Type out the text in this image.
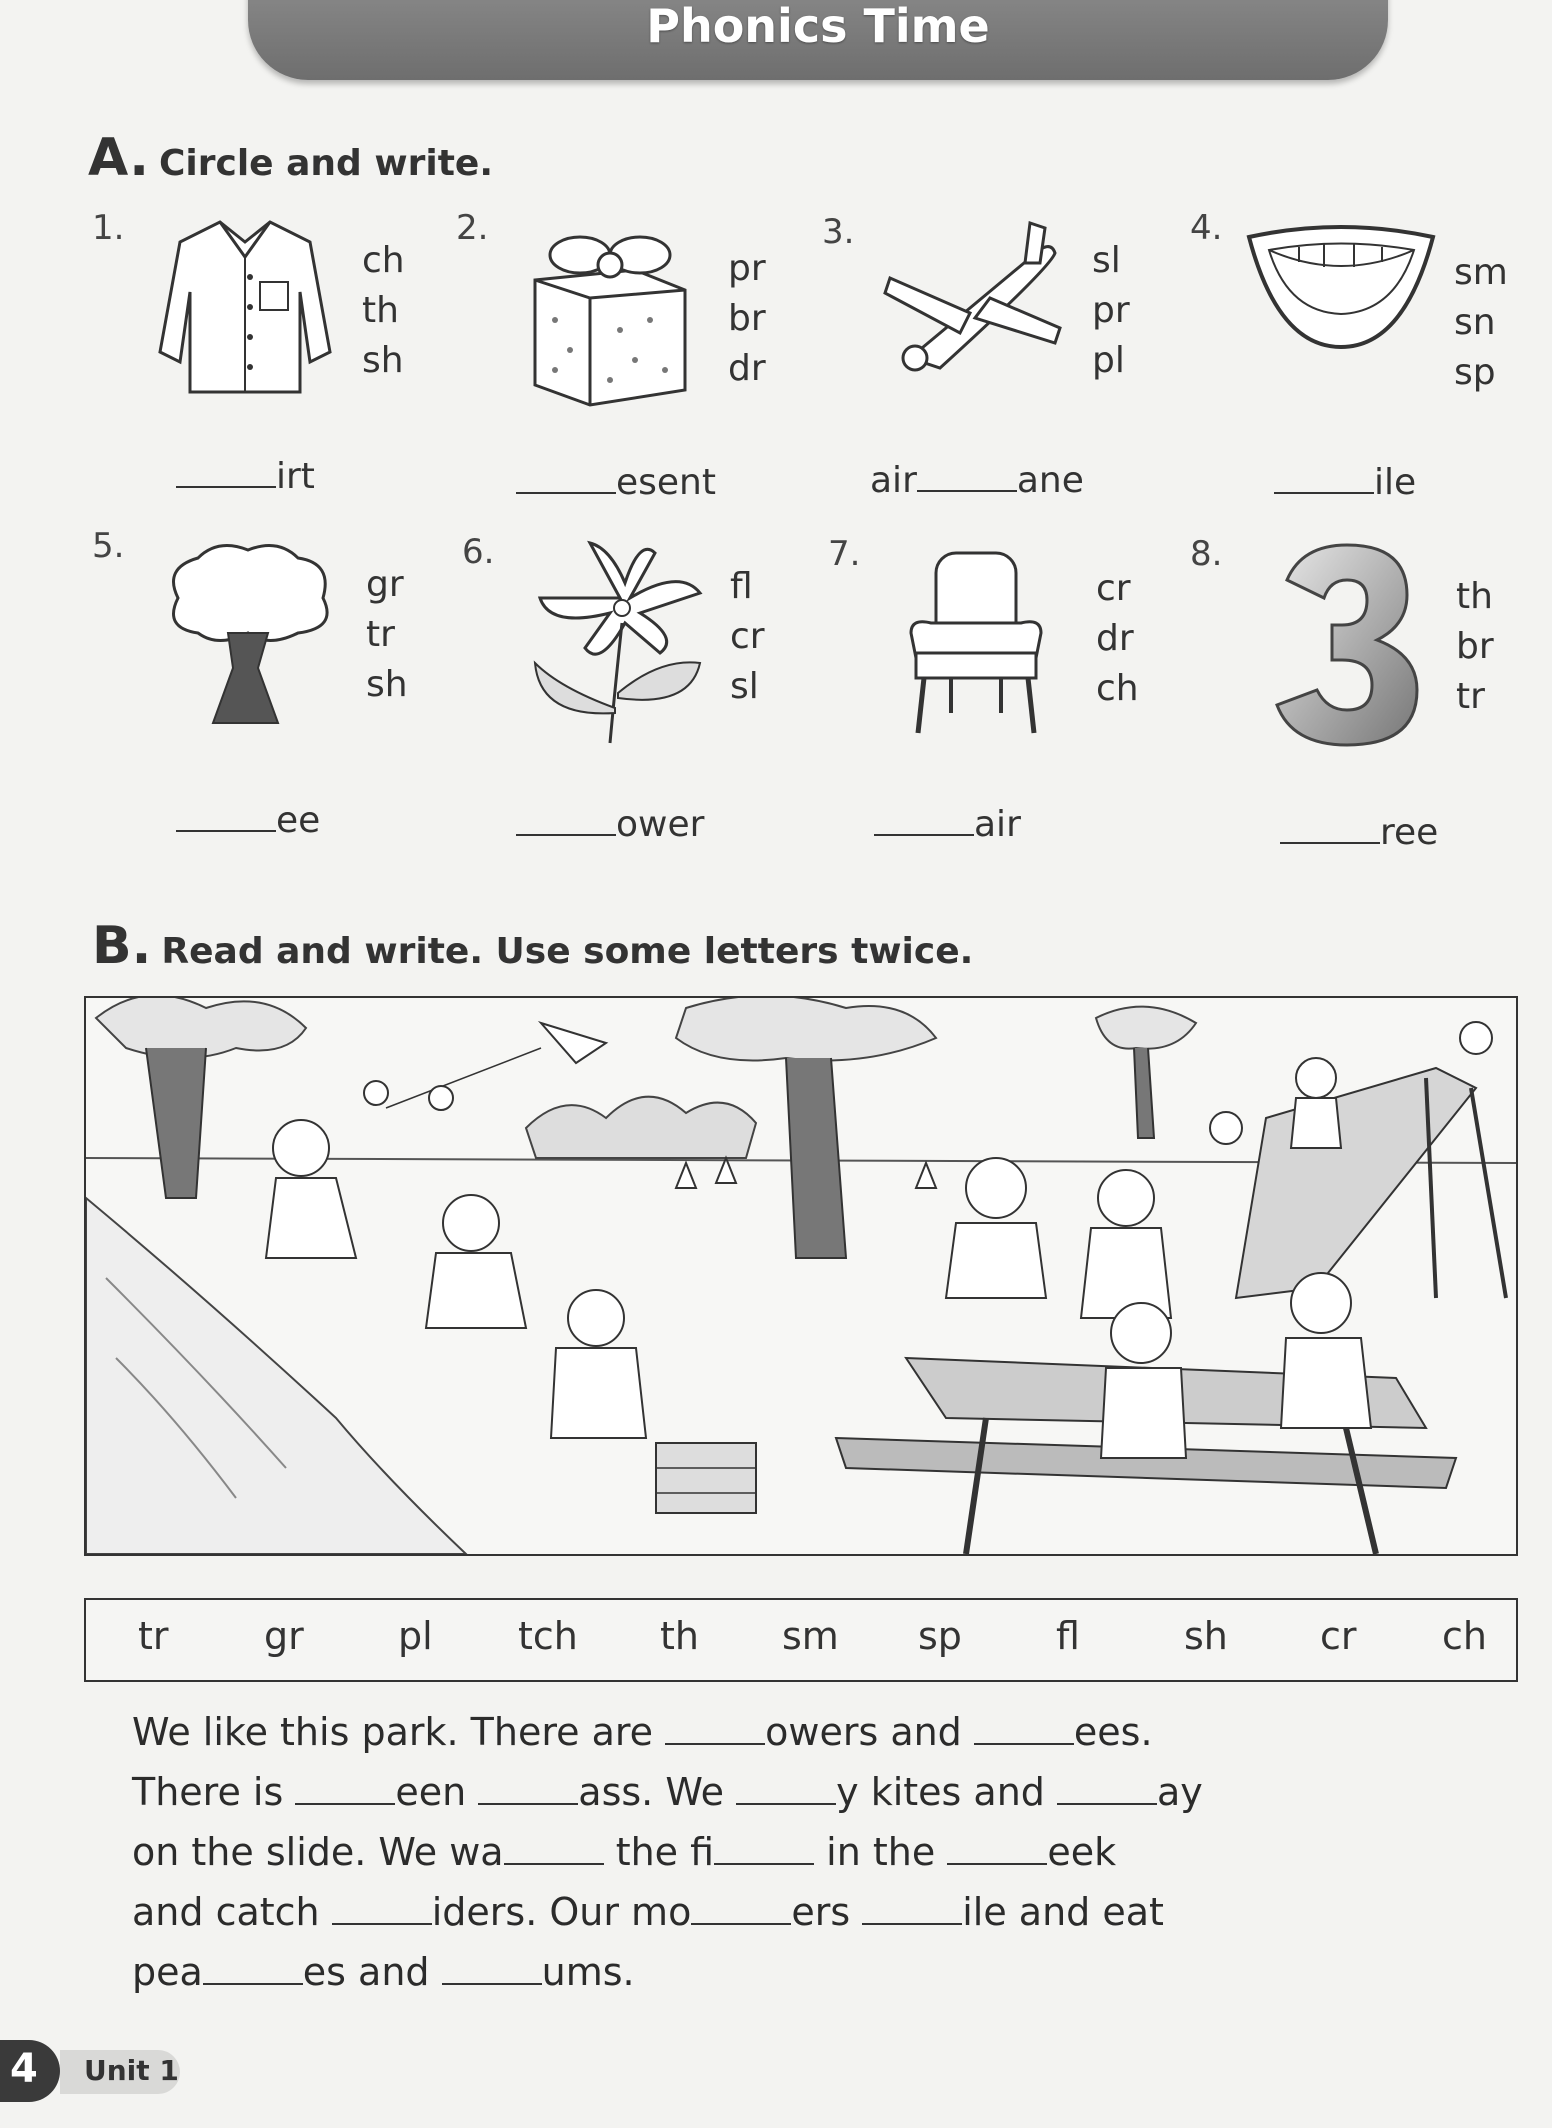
Phonics Time
A. Circle and write.
1.
ch
th
sh
irt
2.
pr
br
dr
esent
3.
sl
pr
pl
air	ane
4.
sm
sn
sp
ile
5.
gr
tr
sh
ee
6.
fl
cr
sl
ower
7.
cr
dr
ch
air
8.
th
br
tr
ree
B. Read and write. Use some letters twice.
tr	gr pl tch th sm sp fl	sh cr ch
We like this park. There are	owers and	ees.
There is	een	ass. We	y kites and	ay
on the slide. We wa	the fi	in the	eek
and catch	iders. Our mo	ers	ile and eat
pea	es and	ums.
4 Unit 1
